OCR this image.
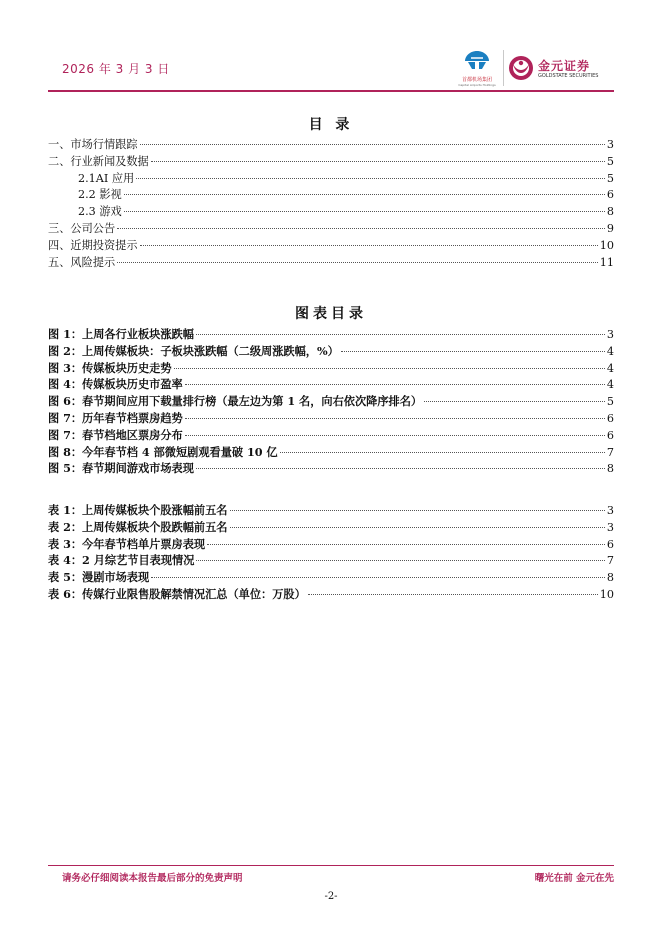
2026 年 3 月 3 日
首都机场集团
Capital Airports Holdings
金元证券
GOLDSTATE SECURITIES
目 录
一、市场行情跟踪	3
二、行业新闻及数据	5
2.1AI 应用	5
2.2 影视	6
2.3 游戏	8
三、公司公告	9
四、近期投资提示	10
五、风险提示	11
图表目录
图 1：上周各行业板块涨跌幅	3
图 2：上周传媒板块：子板块涨跌幅（二级周涨跌幅，%）	4
图 3：传媒板块历史走势	4
图 4：传媒板块历史市盈率	4
图 6：春节期间应用下载量排行榜（最左边为第 1 名，向右依次降序排名）	5
图 7：历年春节档票房趋势	6
图 7：春节档地区票房分布	6
图 8：今年春节档 4 部微短剧观看量破 10 亿	7
图 5：春节期间游戏市场表现	8
表 1：上周传媒板块个股涨幅前五名	3
表 2：上周传媒板块个股跌幅前五名	3
表 3：今年春节档单片票房表现	6
表 4：2 月综艺节目表现情况	7
表 5：漫剧市场表现	8
表 6：传媒行业限售股解禁情况汇总（单位：万股）	10
请务必仔细阅读本报告最后部分的免责声明	曙光在前 金元在先
-2-
